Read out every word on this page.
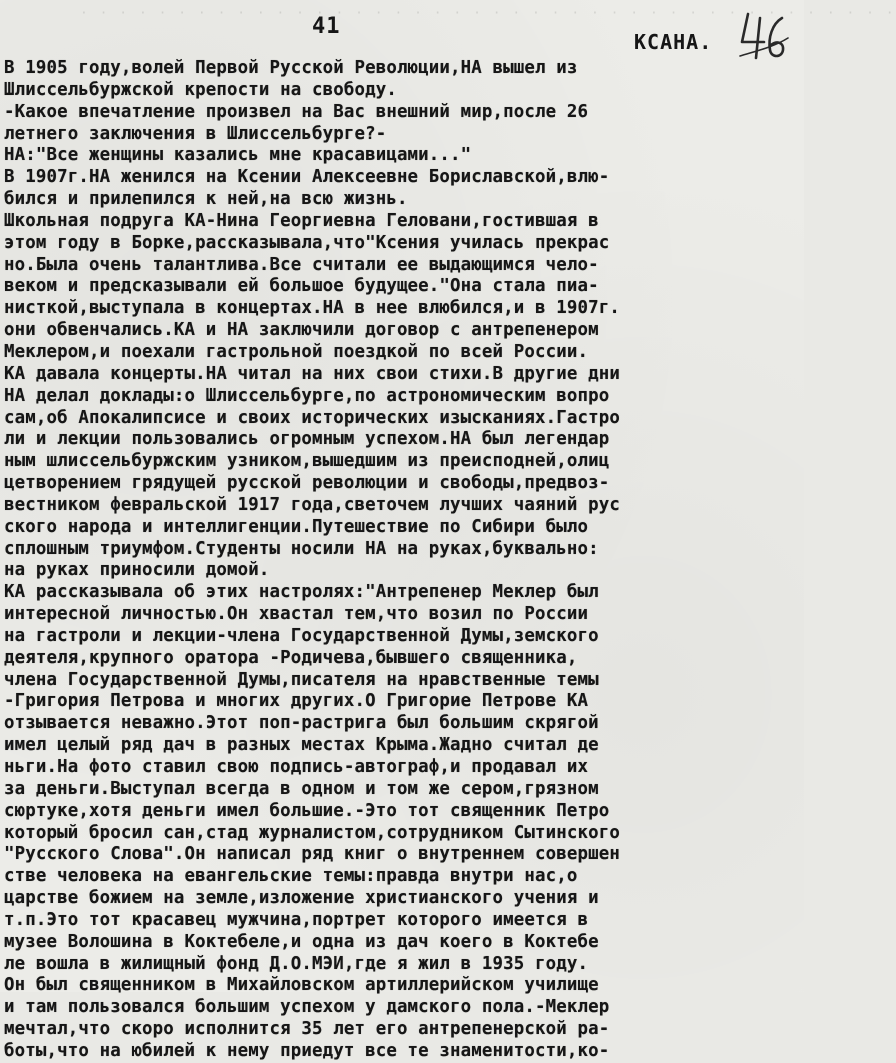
· · · · · · · · · · · · · · · · · · · · · · · · · · · · · · · · · · · · · · · · · ·
41
КСАНА.
В 1905 году,волей Первой Русской Революции,НА вышел из
Шлиссельбуржской крепости на свободу.
-Какое впечатление произвел на Вас внешний мир,после 26
летнего заключения в Шлиссельбурге?-
НА:"Все женщины казались мне красавицами..."
В 1907г.НА женился на Ксении Алексеевне Бориславской,влю-
бился и прилепился к ней,на всю жизнь.
Школьная подруга КА-Нина Георгиевна Геловани,гостившая в
этом году в Борке,рассказывала,что"Ксения училась прекрас
но.Была очень талантлива.Все считали ее выдающимся чело-
веком и предсказывали ей большое будущее."Она стала пиа-
нисткой,выступала в концертах.НА в нее влюбился,и в 1907г.
они обвенчались.КА и НА заключили договор с антрепенером
Меклером,и поехали гастрольной поездкой по всей России.
КА давала концерты.НА читал на них свои стихи.В другие дни
НА делал доклады:о Шлиссельбурге,по астрономическим вопро
сам,об Апокалипсисе и своих исторических изысканиях.Гастро
ли и лекции пользовались огромным успехом.НА был легендар
ным шлиссельбуржским узником,вышедшим из преисподней,олиц
цетворением грядущей русской революции и свободы,предвоз-
вестником февральской 1917 года,светочем лучших чаяний рус
ского народа и интеллигенции.Путешествие по Сибири было
сплошным триумфом.Студенты носили НА на руках,буквально:
на руках приносили домой.
КА рассказывала об этих настролях:"Антрепенер Меклер был
интересной личностью.Он хвастал тем,что возил по России
на гастроли и лекции-члена Государственной Думы,земского
деятеля,крупного оратора -Родичева,бывшего священника,
члена Государственной Думы,писателя на нравственные темы
-Григория Петрова и многих других.О Григорие Петрове КА
отзывается неважно.Этот поп-растрига был большим скрягой
имел целый ряд дач в разных местах Крыма.Жадно считал де
ньги.На фото ставил свою подпись-автограф,и продавал их
за деньги.Выступал всегда в одном и том же сером,грязном
сюртуке,хотя деньги имел большие.-Это тот священник Петро
который бросил сан,стад журналистом,сотрудником Сытинского
"Русского Слова".Он написал ряд книг о внутреннем совершен
стве человека на евангельские темы:правда внутри нас,о
царстве божием на земле,изложение христианского учения и
т.п.Это тот красавец мужчина,портрет которого имеется в
музее Волошина в Коктебеле,и одна из дач коего в Коктебе
ле вошла в жилищный фонд Д.О.МЭИ,где я жил в 1935 году.
Он был священником в Михайловском артиллерийском училище
и там пользовался большим успехом у дамского пола.-Меклер
мечтал,что скоро исполнится 35 лет его антрепенерской ра-
боты,что на юбилей к нему приедут все те знаменитости,ко-
